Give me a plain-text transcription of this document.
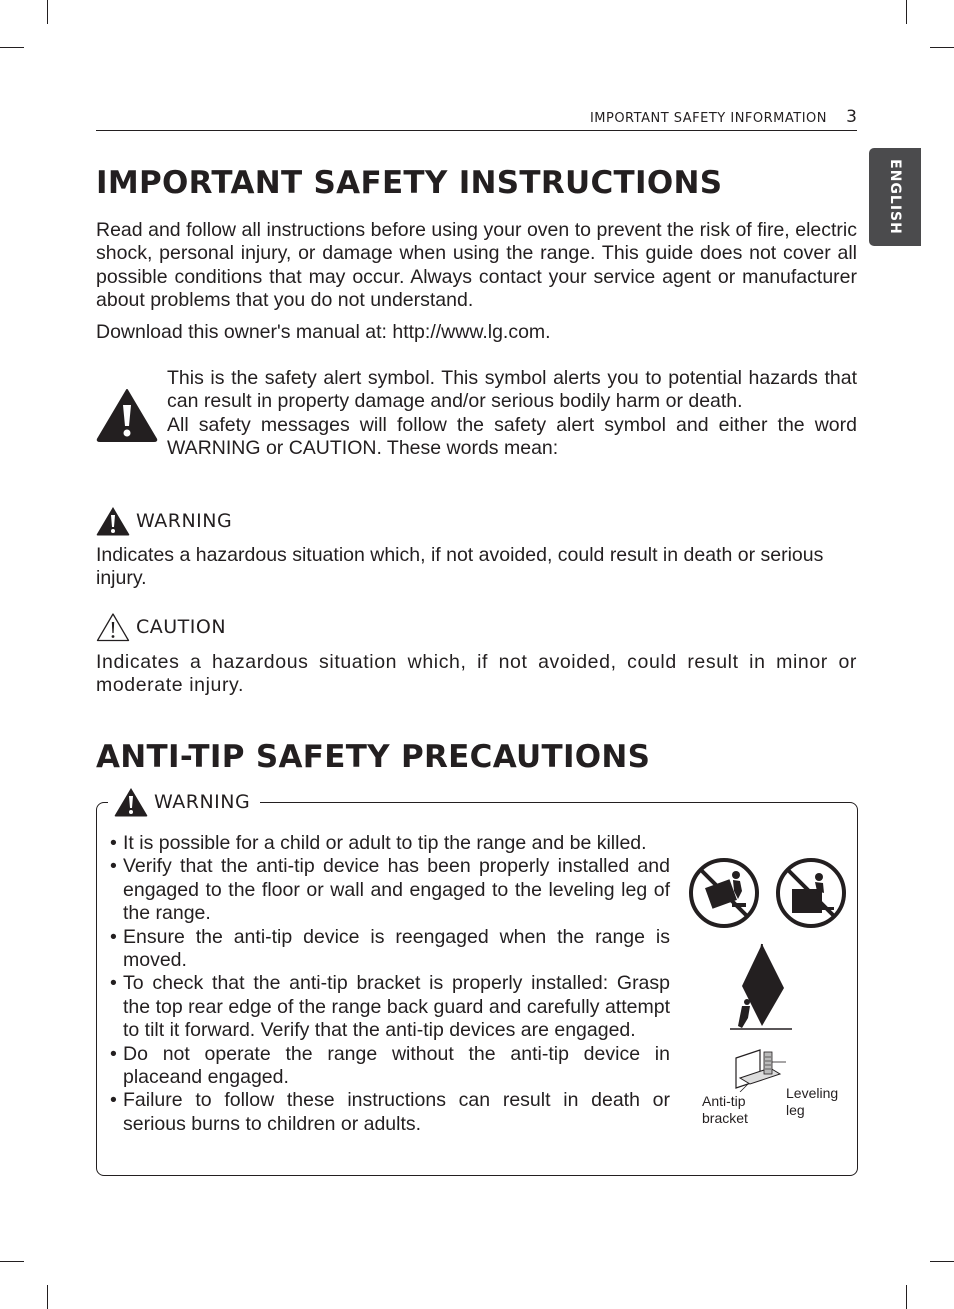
IMPORTANT SAFETY INFORMATION 3
ENGLISH
IMPORTANT SAFETY INSTRUCTIONS

Read and follow all instructions before using your oven to prevent the risk of fire, electric shock, personal injury, or damage when using the range. This guide does not cover all possible conditions that may occur. Always contact your service agent or manufacturer about problems that you do not understand.

Download this owner's manual at: http://www.lg.com.

This is the safety alert symbol. This symbol alerts you to potential hazards that can result in property damage and/or serious bodily harm or death.
All safety messages will follow the safety alert symbol and either the word WARNING or CAUTION. These words mean:
WARNING

Indicates a hazardous situation which, if not avoided, could result in death or serious injury.

CAUTION

Indicates a hazardous situation which, if not avoided, could result in minor or moderate injury.

ANTI-TIP SAFETY PRECAUTIONS
WARNING
• It is possible for a child or adult to tip the range and be killed.
• Verify that the anti-tip device has been properly installed and engaged to the floor or wall and engaged to the leveling leg of the range.
• Ensure the anti-tip device is reengaged when the range is moved.
• To check that the anti-tip bracket is properly installed: Grasp the top rear edge of the range back guard and carefully attempt to tilt it forward. Verify that the anti-tip devices are engaged.
• Do not operate the range without the anti-tip device in placeand engaged.
• Failure to follow these instructions can result in death or serious burns to children or adults.
Anti-tip bracket
Leveling leg
